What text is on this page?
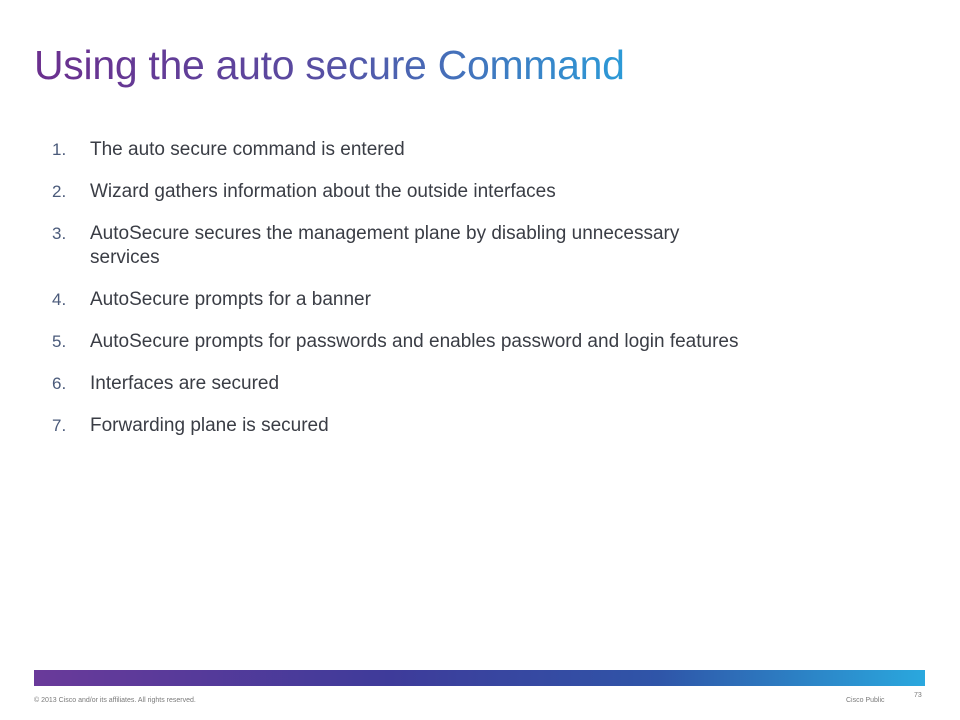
Using the auto secure Command
1.	The auto secure command is entered
2.	Wizard gathers information about the outside interfaces
3.	AutoSecure secures the management plane by disabling unnecessary services
4.	AutoSecure prompts for a banner
5.	AutoSecure prompts for passwords and enables password and login features
6.	Interfaces are secured
7.	Forwarding plane is secured
© 2013 Cisco and/or its affiliates. All rights reserved.	Cisco Public
73
